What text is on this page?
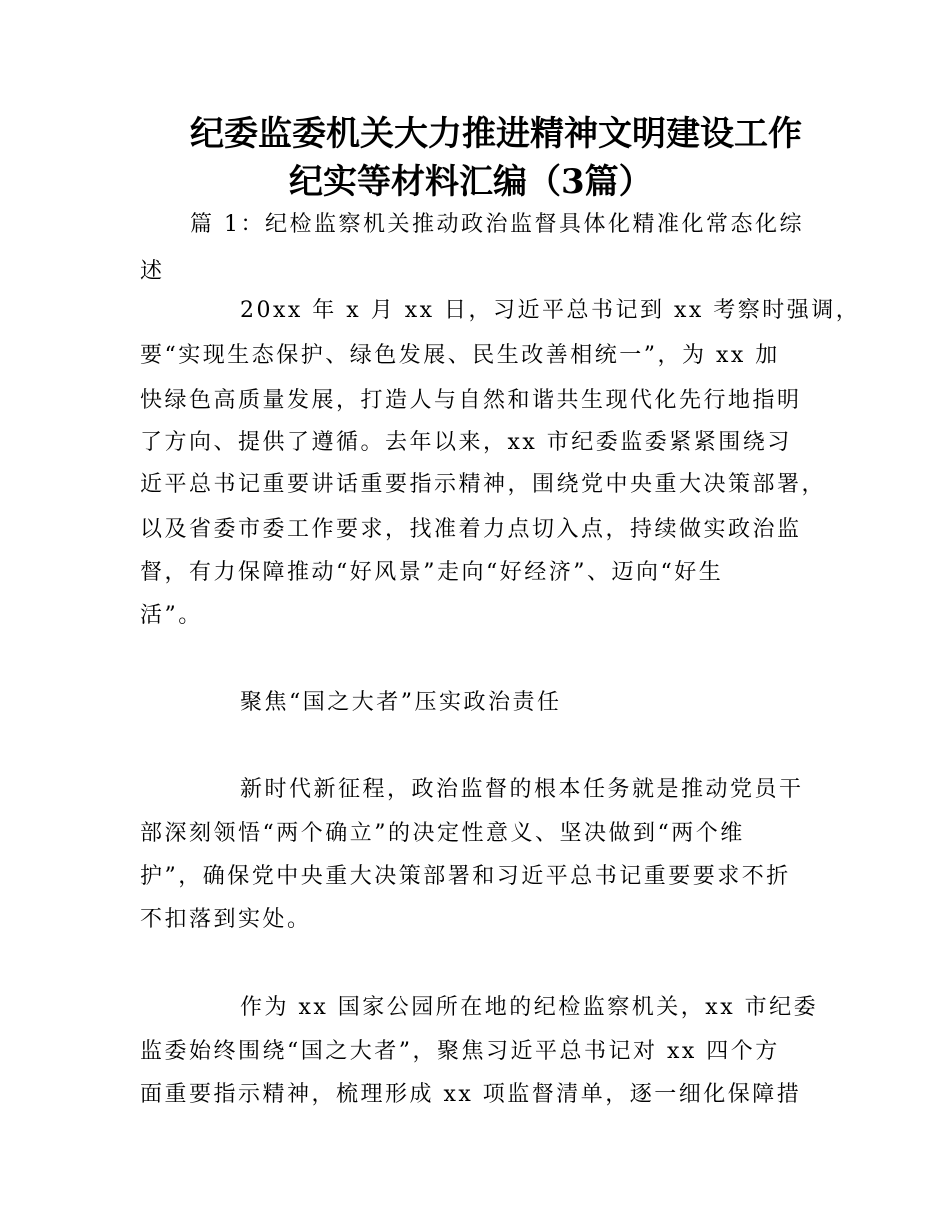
纪委监委机关大力推进精神文明建设工作
纪实等材料汇编（3篇）
篇 1：纪检监察机关推动政治监督具体化精准化常态化综
述
20xx 年 x 月 xx 日，习近平总书记到 xx 考察时强调，
要“实现生态保护、绿色发展、民生改善相统一”，为 xx 加
快绿色高质量发展，打造人与自然和谐共生现代化先行地指明
了方向、提供了遵循。去年以来，xx 市纪委监委紧紧围绕习
近平总书记重要讲话重要指示精神，围绕党中央重大决策部署，
以及省委市委工作要求，找准着力点切入点，持续做实政治监
督，有力保障推动“好风景”走向“好经济”、迈向“好生
活”。
聚焦“国之大者”压实政治责任
新时代新征程，政治监督的根本任务就是推动党员干
部深刻领悟“两个确立”的决定性意义、坚决做到“两个维
护”，确保党中央重大决策部署和习近平总书记重要要求不折
不扣落到实处。
作为 xx 国家公园所在地的纪检监察机关，xx 市纪委
监委始终围绕“国之大者”，聚焦习近平总书记对 xx 四个方
面重要指示精神，梳理形成 xx 项监督清单，逐一细化保障措
